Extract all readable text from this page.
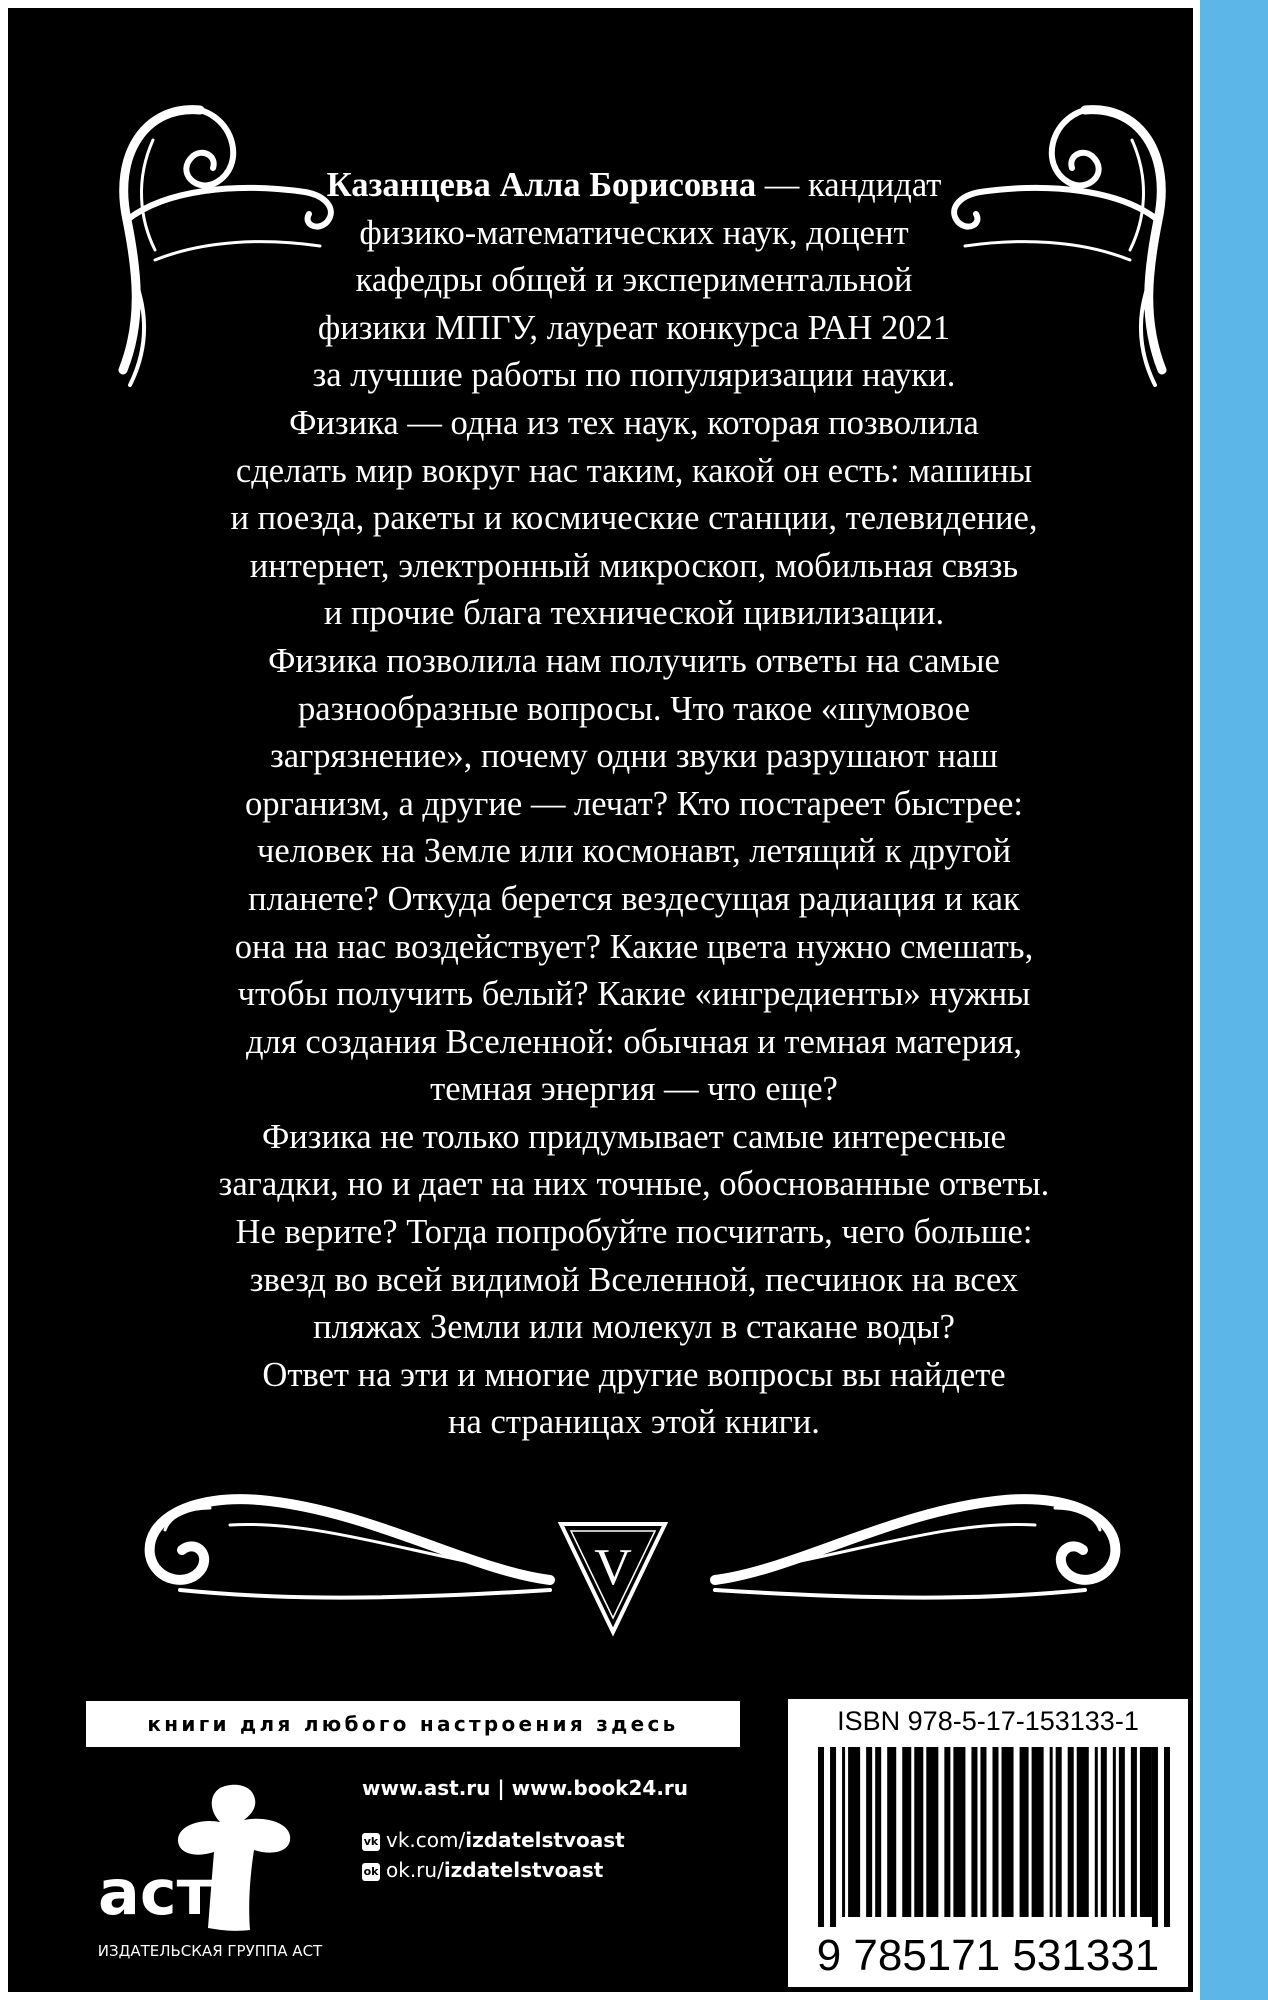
Казанцева Алла Борисовна — кандидат
физико-математических наук, доцент
кафедры общей и экспериментальной
физики МПГУ, лауреат конкурса РАН 2021
за лучшие работы по популяризации науки.

Физика — одна из тех наук, которая позволила
сделать мир вокруг нас таким, какой он есть: машины
и поезда, ракеты и космические станции, телевидение,
интернет, электронный микроскоп, мобильная связь
и прочие блага технической цивилизации.

Физика позволила нам получить ответы на самые
разнообразные вопросы. Что такое «шумовое
загрязнение», почему одни звуки разрушают наш
организм, а другие — лечат? Кто постареет быстрее:
человек на Земле или космонавт, летящий к другой
планете? Откуда берется вездесущая радиация и как
она на нас воздействует? Какие цвета нужно смешать,
чтобы получить белый? Какие «ингредиенты» нужны
для создания Вселенной: обычная и темная материя,
темная энергия — что еще?

Физика не только придумывает самые интересные
загадки, но и дает на них точные, обоснованные ответы.
Не верите? Тогда попробуйте посчитать, чего больше:
звезд во всей видимой Вселенной, песчинок на всех
пляжах Земли или молекул в стакане воды?

Ответ на эти и многие другие вопросы вы найдете
на страницах этой книги.

V
книги для любого настроения здесь
аст
ИЗДАТЕЛЬСКАЯ ГРУППА АСТ
www.ast.ru | www.book24.ru
vk vk.com/izdatelstvoast
ok ok.ru/izdatelstvoast
ISBN 978-5-17-153133-1
9 785171 531331
